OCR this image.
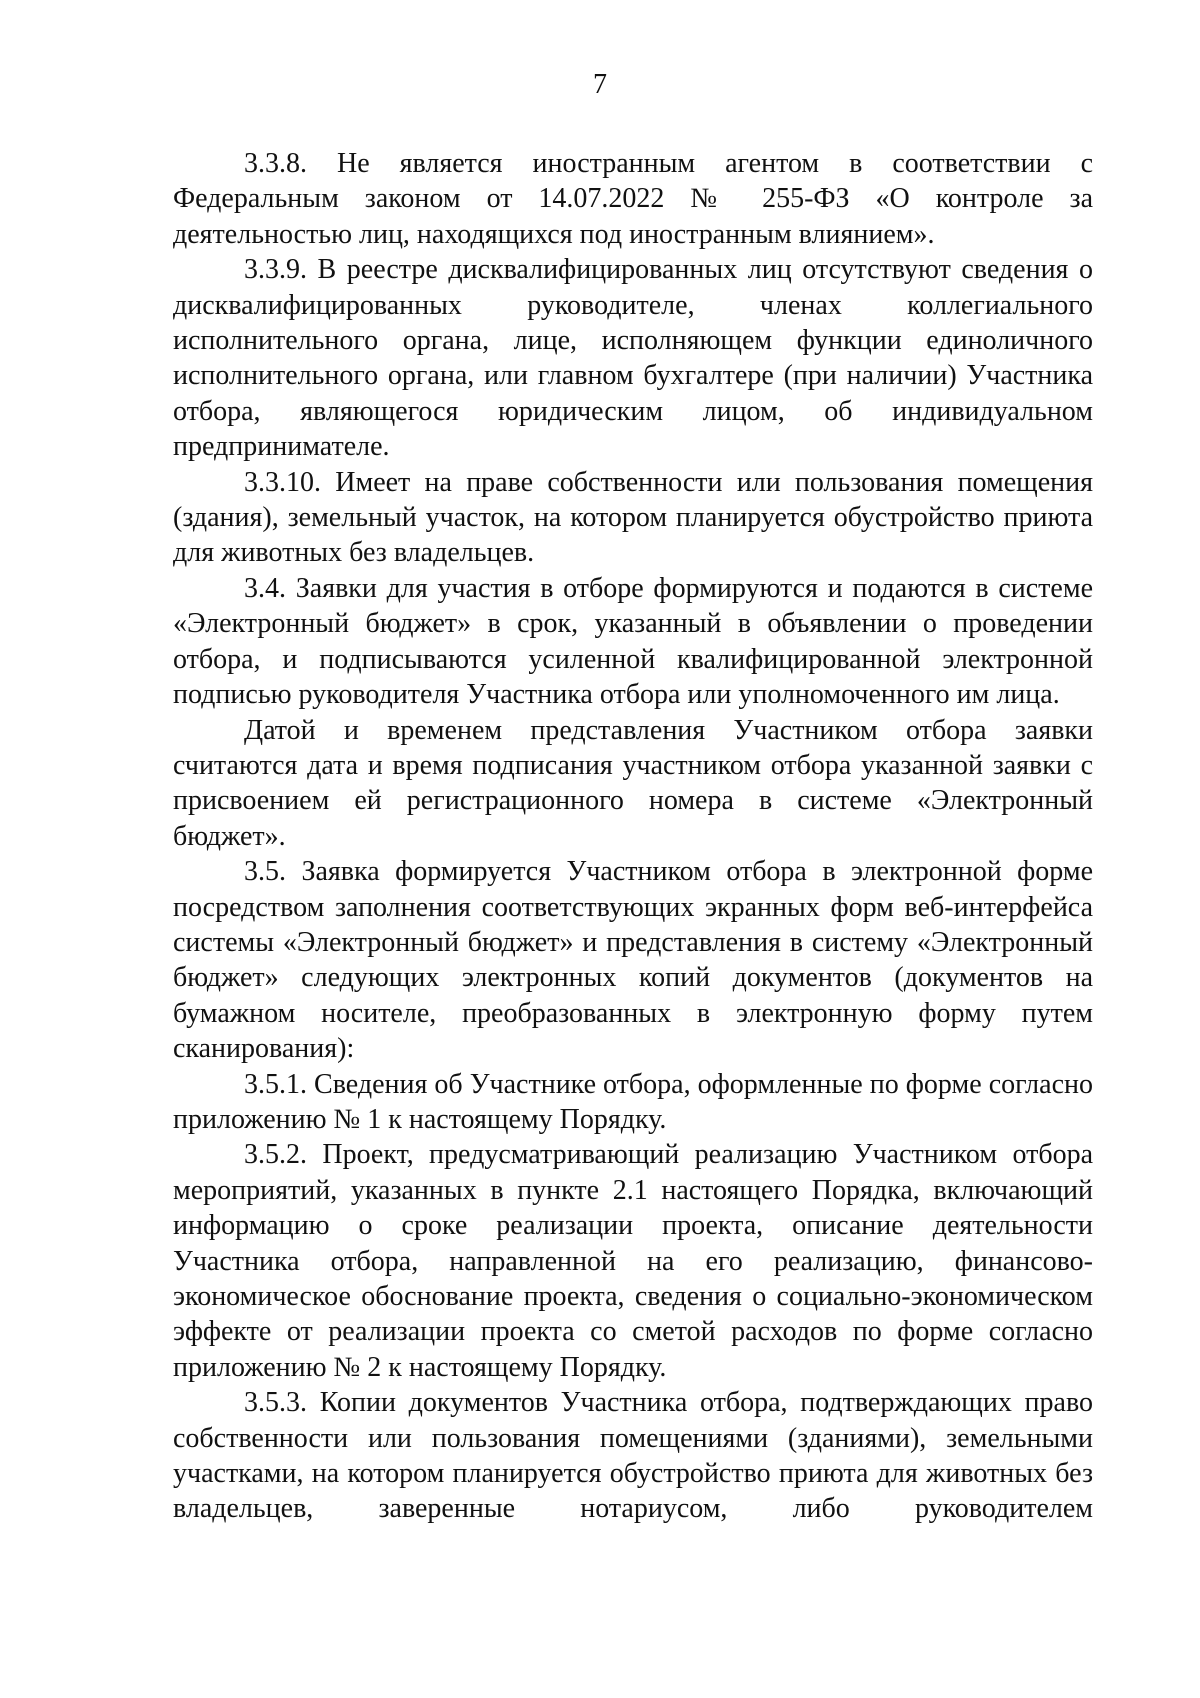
7

3.3.8. Не является иностранным агентом в соответствии с Федеральным законом от 14.07.2022 № 255-ФЗ «О контроле за деятельностью лиц, находящихся под иностранным влиянием».

3.3.9. В реестре дисквалифицированных лиц отсутствуют сведения о дисквалифицированных руководителе, членах коллегиального исполнительного органа, лице, исполняющем функции единоличного исполнительного органа, или главном бухгалтере (при наличии) Участника отбора, являющегося юридическим лицом, об индивидуальном предпринимателе.

3.3.10. Имеет на праве собственности или пользования помещения (здания), земельный участок, на котором планируется обустройство приюта для животных без владельцев.

3.4. Заявки для участия в отборе формируются и подаются в системе «Электронный бюджет» в срок, указанный в объявлении о проведении отбора, и подписываются усиленной квалифицированной электронной подписью руководителя Участника отбора или уполномоченного им лица.

Датой и временем представления Участником отбора заявки считаются дата и время подписания участником отбора указанной заявки с присвоением ей регистрационного номера в системе «Электронный бюджет».

3.5. Заявка формируется Участником отбора в электронной форме посредством заполнения соответствующих экранных форм веб-интерфейса системы «Электронный бюджет» и представления в систему «Электронный бюджет» следующих электронных копий документов (документов на бумажном носителе, преобразованных в электронную форму путем сканирования):

3.5.1. Сведения об Участнике отбора, оформленные по форме согласно приложению № 1 к настоящему Порядку.

3.5.2. Проект, предусматривающий реализацию Участником отбора мероприятий, указанных в пункте 2.1 настоящего Порядка, включающий информацию о сроке реализации проекта, описание деятельности Участника отбора, направленной на его реализацию, финансово-экономическое обоснование проекта, сведения о социально-экономическом эффекте от реализации проекта со сметой расходов по форме согласно приложению № 2 к настоящему Порядку.

3.5.3. Копии документов Участника отбора, подтверждающих право собственности или пользования помещениями (зданиями), земельными участками, на котором планируется обустройство приюта для животных без владельцев, заверенные нотариусом, либо руководителем
